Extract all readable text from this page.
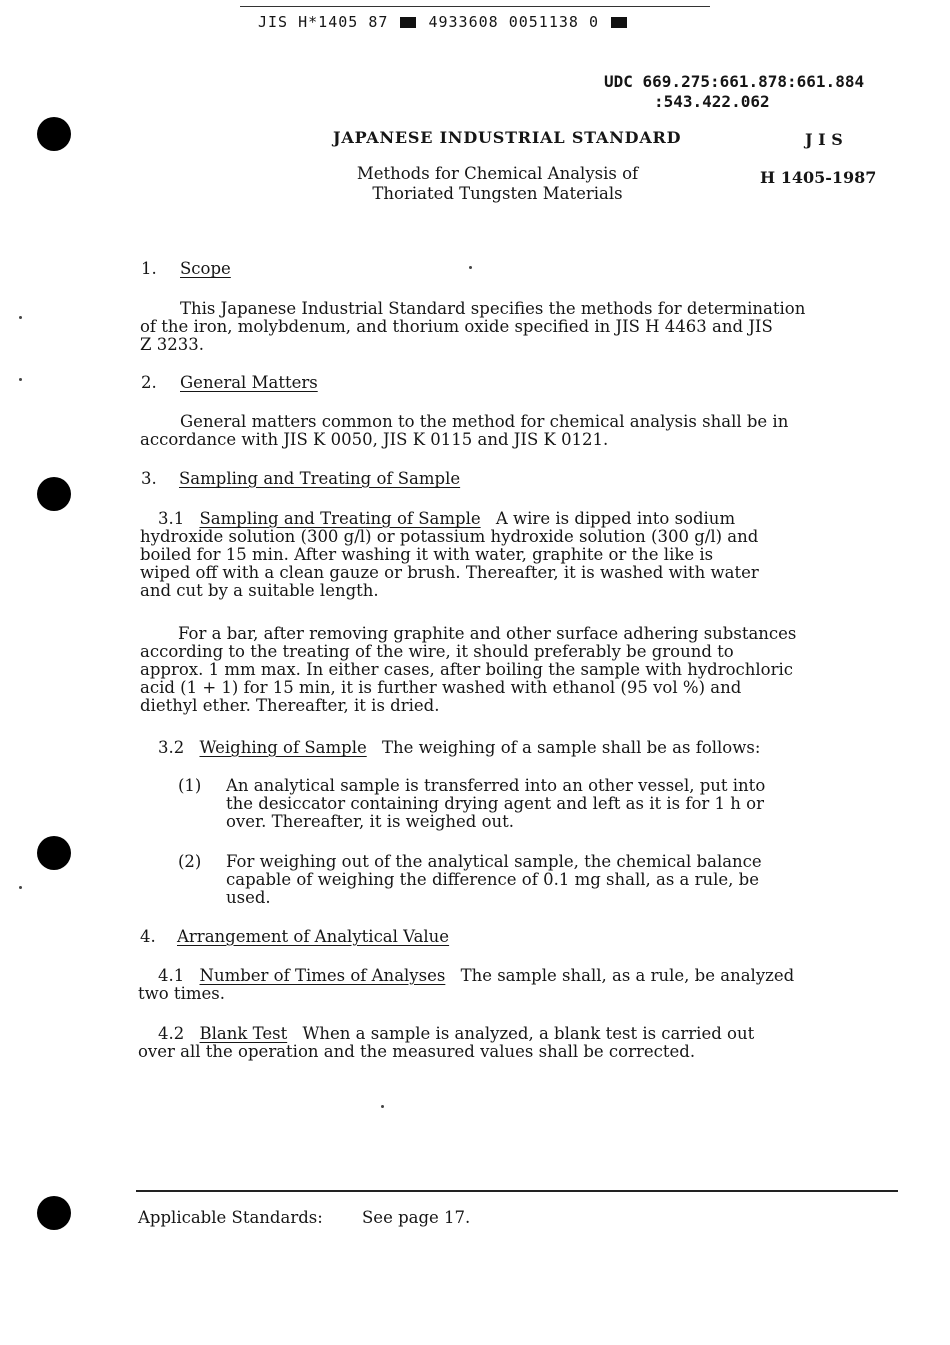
JIS H*1405 87	4933608 0051138 0

UDC 669.275:661.878:661.884

:543.422.062

JAPANESE INDUSTRIAL STANDARD	J I S

Methods for Chemical Analysis of

Thoriated Tungsten Materials

H 1405-1987

1. Scope

This Japanese Industrial Standard specifies the methods for determination
of the iron, molybdenum, and thorium oxide specified in JIS H 4463 and JIS
Z 3233.

2. General Matters

General matters common to the method for chemical analysis shall be in
accordance with JIS K 0050, JIS K 0115 and JIS K 0121.

3. Sampling and Treating of Sample

3.1 Sampling and Treating of Sample A wire is dipped into sodium
hydroxide solution (300 g/l) or potassium hydroxide solution (300 g/l) and
boiled for 15 min. After washing it with water, graphite or the like is
wiped off with a clean gauze or brush. Thereafter, it is washed with water
and cut by a suitable length.
For a bar, after removing graphite and other surface adhering substances
according to the treating of the wire, it should preferably be ground to
approx. 1 mm max. In either cases, after boiling the sample with hydrochloric
acid (1 + 1) for 15 min, it is further washed with ethanol (95 vol %) and
diethyl ether. Thereafter, it is dried.
3.2 Weighing of Sample The weighing of a sample shall be as follows:

(1) An analytical sample is transferred into an other vessel, put into
the desiccator containing drying agent and left as it is for 1 h or
over. Thereafter, it is weighed out.

(2) For weighing out of the analytical sample, the chemical balance
capable of weighing the difference of 0.1 mg shall, as a rule, be
used.

4. Arrangement of Analytical Value

4.1 Number of Times of Analyses The sample shall, as a rule, be analyzed
two times.
4.2 Blank Test When a sample is analyzed, a blank test is carried out
over all the operation and the measured values shall be corrected.

Applicable Standards: See page 17.
